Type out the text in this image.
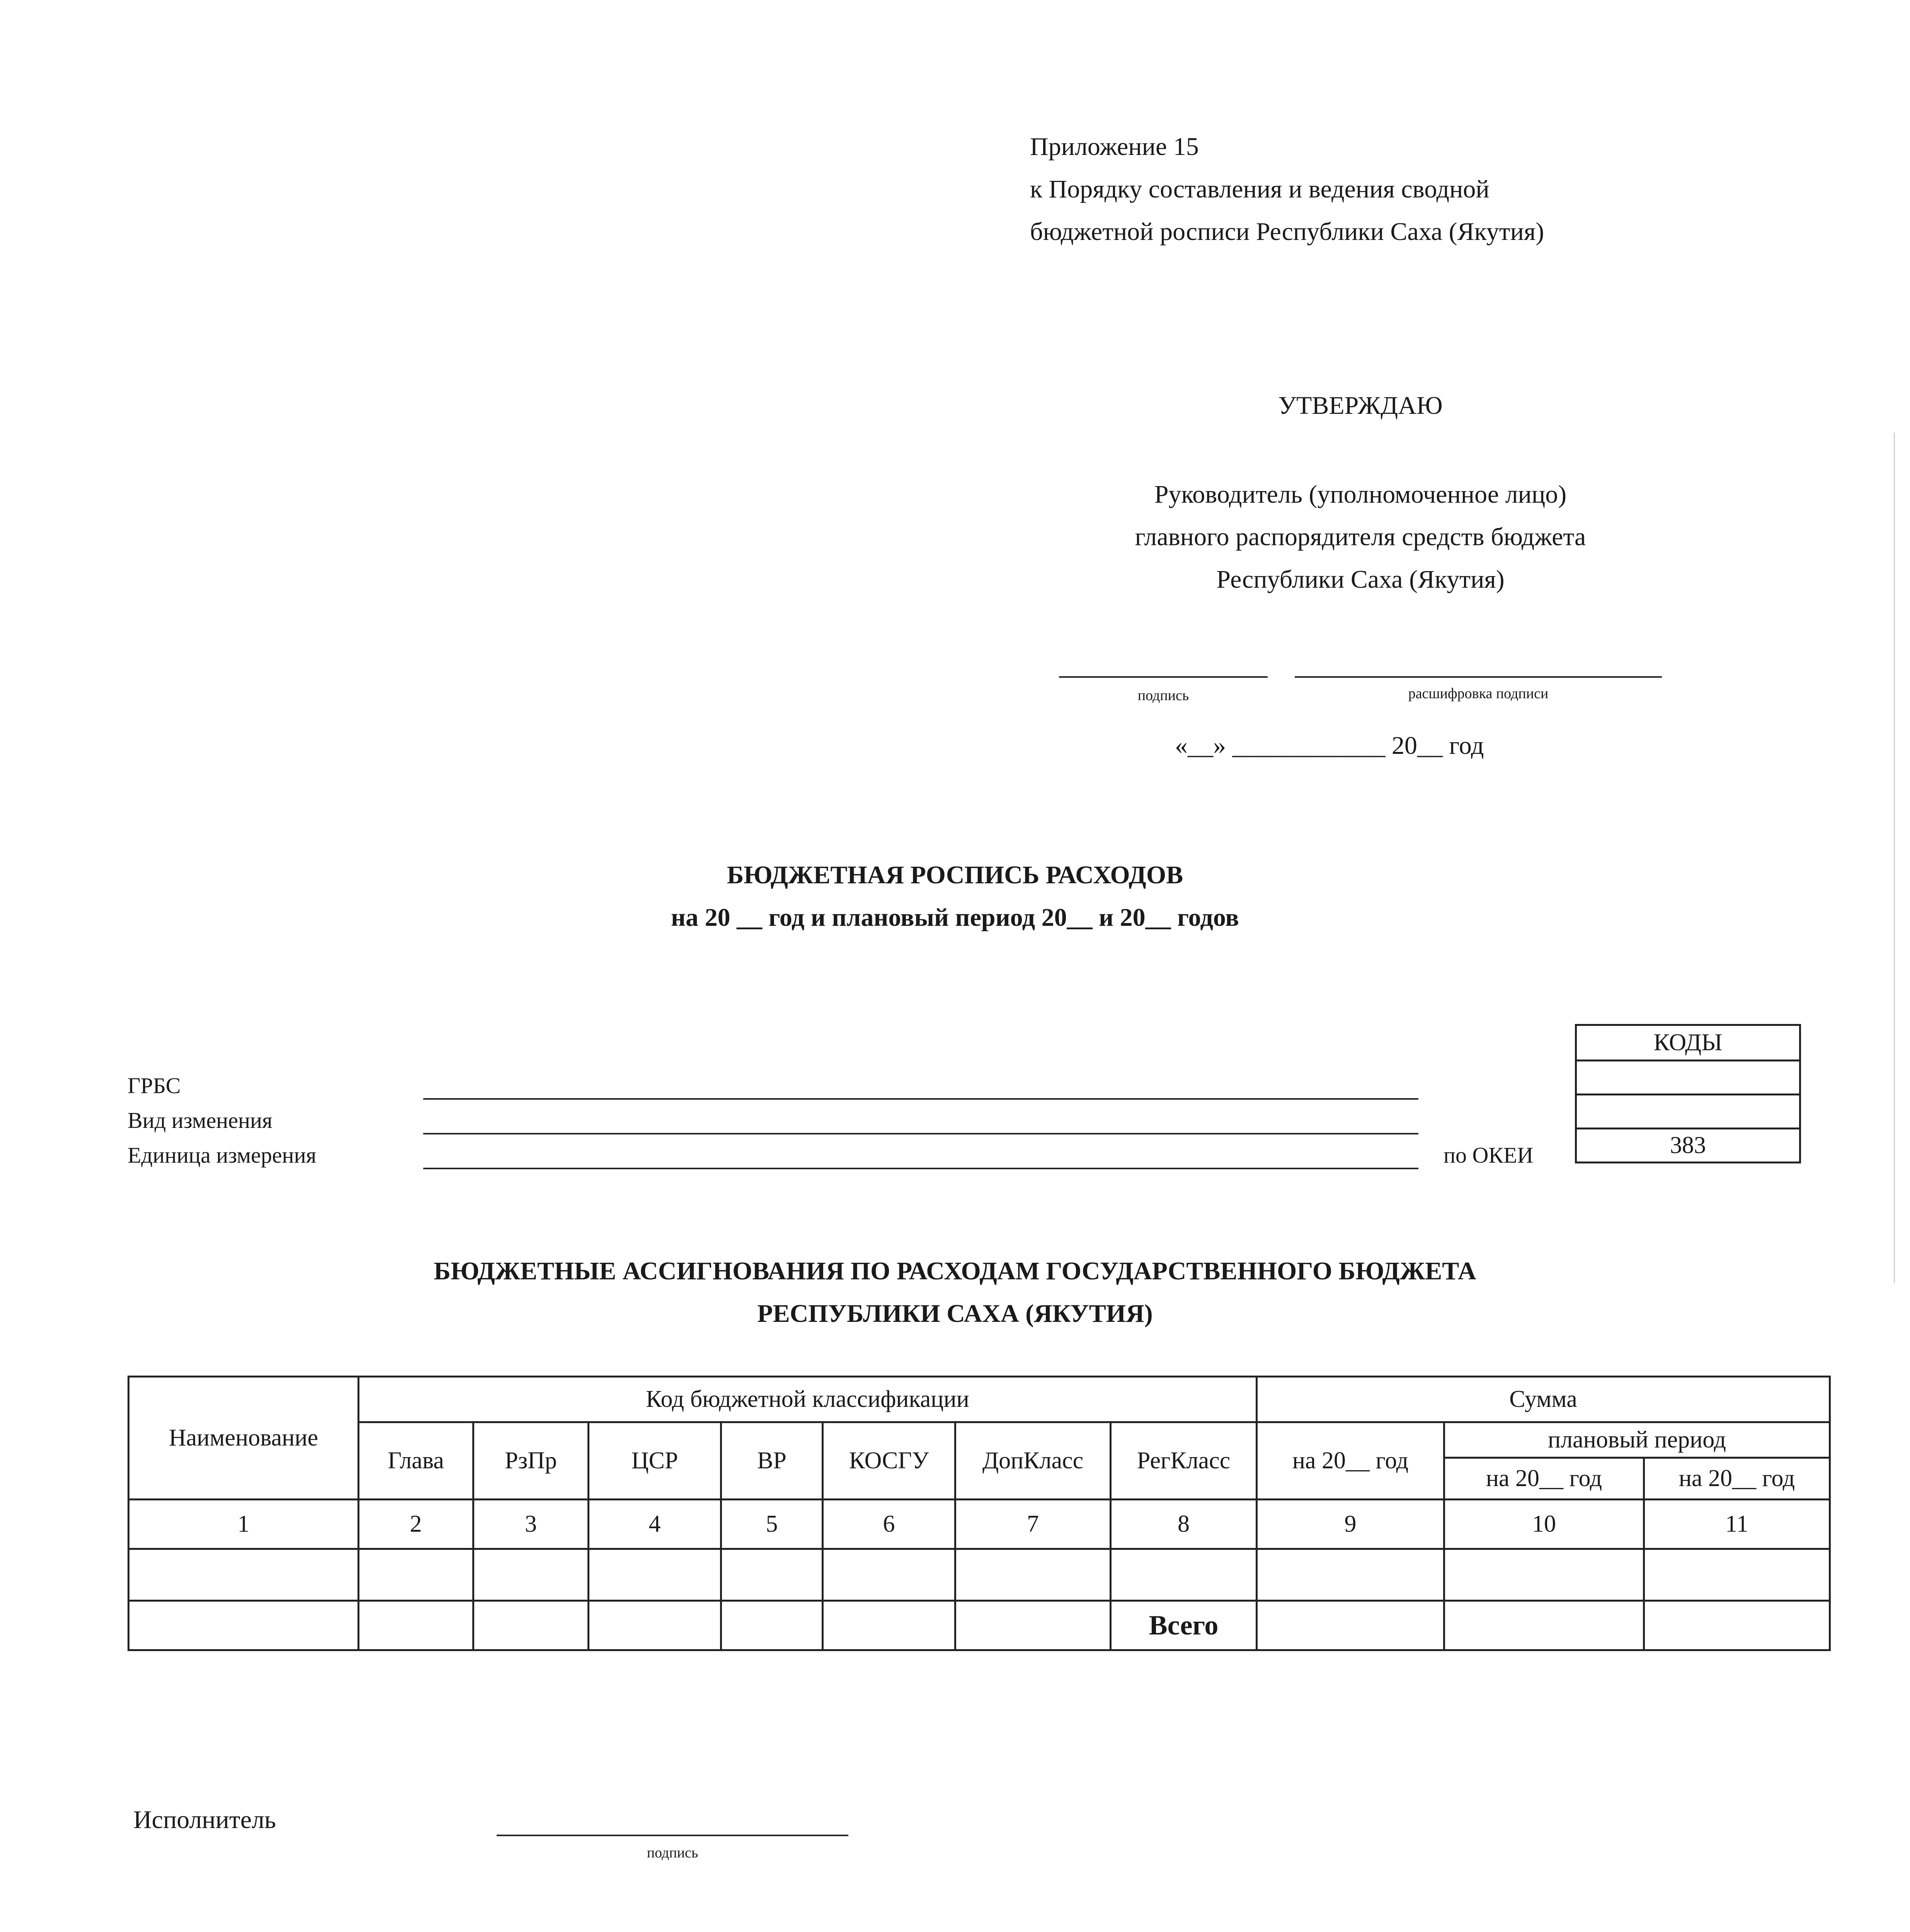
Приложение 15
к Порядку составления и ведения сводной
бюджетной росписи Республики Саха (Якутия)
УТВЕРЖДАЮ
Руководитель (уполномоченное лицо)
главного распорядителя средств бюджета
Республики Саха (Якутия)
подпись	расшифровка подписи
«__» ____________ 20__ год
БЮДЖЕТНАЯ РОСПИСЬ РАСХОДОВ
на 20 __ год и плановый период 20__ и 20__ годов
ГРБС
Вид изменения
Единица измерения	по ОКЕИ
КОДЫ

383
БЮДЖЕТНЫЕ АССИГНОВАНИЯ ПО РАСХОДАМ ГОСУДАРСТВЕННОГО БЮДЖЕТА
РЕСПУБЛИКИ САХА (ЯКУТИЯ)
Наименование	Код бюджетной классификации							Сумма		
	Глава	РзПр	ЦСР	ВР	КОСГУ	ДопКласс	РегКласс	на 20__ год	плановый период	
									на 20__ год	на 20__ год
1	2	3	4	5	6	7	8	9	10	11

							Всего			
Исполнитель
подпись
